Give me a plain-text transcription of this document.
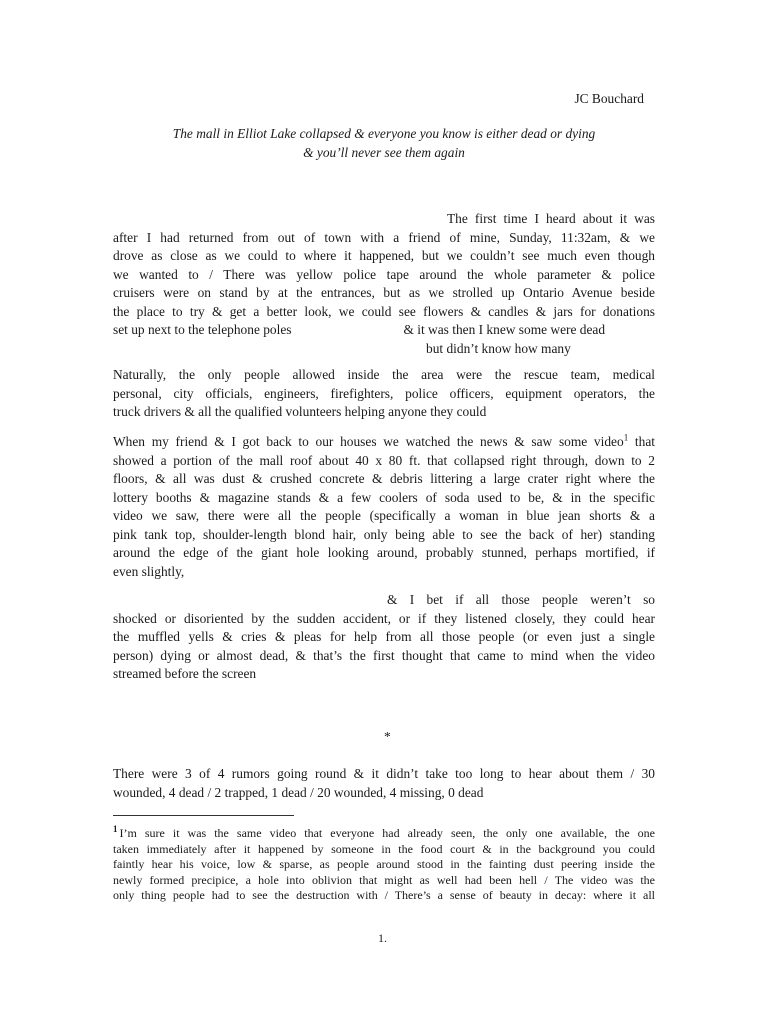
JC Bouchard
The mall in Elliot Lake collapsed & everyone you know is either dead or dying
& you’ll never see them again
The first time I heard about it was
after I had returned from out of town with a friend of mine, Sunday, 11:32am, & we
drove as close as we could to where it happened, but we couldn’t see much even though
we wanted to / There was yellow police tape around the whole parameter & police
cruisers were on stand by at the entrances, but as we strolled up Ontario Avenue beside
the place to try & get a better look, we could see flowers & candles & jars for donations
set up next to the telephone poles	& it was then I knew some were dead
but didn’t know how many
Naturally, the only people allowed inside the area were the rescue team, medical
personal, city officials, engineers, firefighters, police officers, equipment operators, the
truck drivers & all the qualified volunteers helping anyone they could
When my friend & I got back to our houses we watched the news & saw some video$^1$ that
showed a portion of the mall roof about 40 x 80 ft. that collapsed right through, down to 2
floors, & all was dust & crushed concrete & debris littering a large crater right where the
lottery booths & magazine stands & a few coolers of soda used to be, & in the specific
video we saw, there were all the people (specifically a woman in blue jean shorts & a
pink tank top, shoulder-length blond hair, only being able to see the back of her) standing
around the edge of the giant hole looking around, probably stunned, perhaps mortified, if
even slightly,
& I bet if all those people weren’t so
shocked or disoriented by the sudden accident, or if they listened closely, they could hear
the muffled yells & cries & pleas for help from all those people (or even just a single
person) dying or almost dead, & that’s the first thought that came to mind when the video
streamed before the screen
*
There were 3 of 4 rumors going round & it didn’t take too long to hear about them / 30
wounded, 4 dead / 2 trapped, 1 dead / 20 wounded, 4 missing, 0 dead
$^1$ I’m sure it was the same video that everyone had already seen, the only one available, the one
taken immediately after it happened by someone in the food court & in the background you could
faintly hear his voice, low & sparse, as people around stood in the fainting dust peering inside the
newly formed precipice, a hole into oblivion that might as well had been hell / The video was the
only thing people had to see the destruction with / There’s a sense of beauty in decay: where it all
1.
